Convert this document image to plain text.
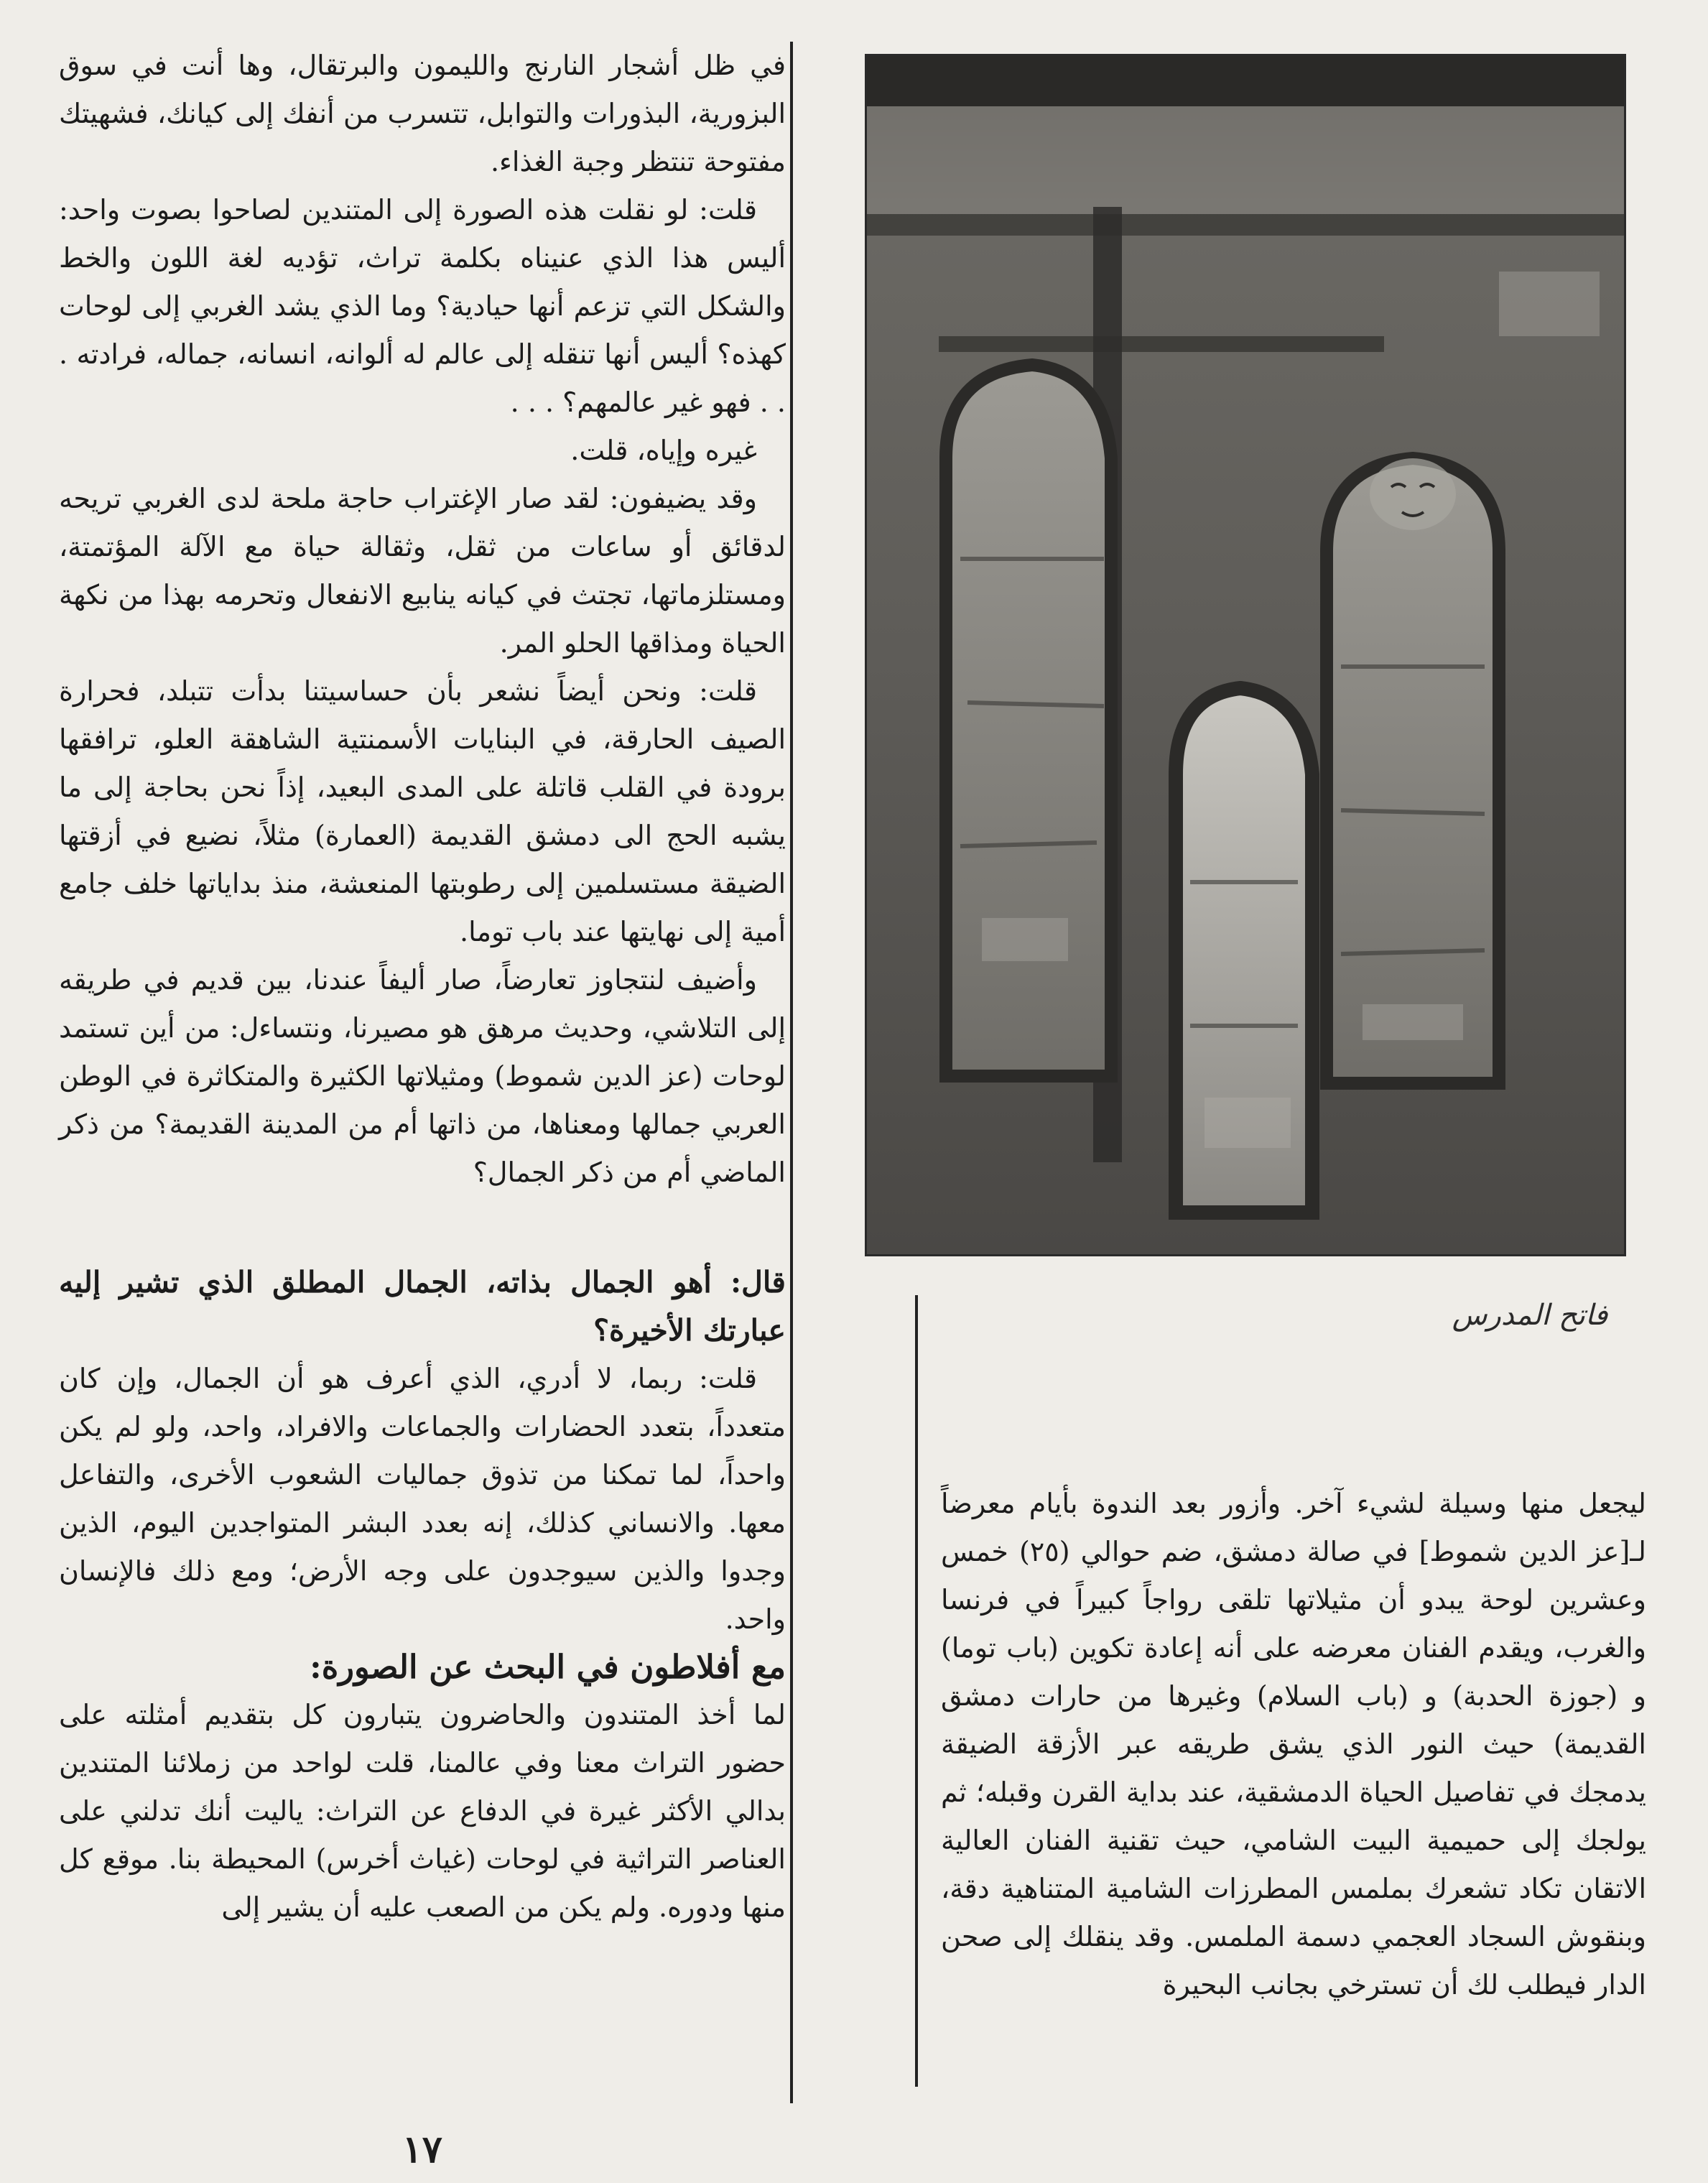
في ظل أشجار النارنج والليمون والبرتقال، وها أنت في سوق البزورية، البذورات والتوابل، تتسرب من أنفك إلى كيانك، فشهيتك مفتوحة تنتظر وجبة الغذاء.

قلت: لو نقلت هذه الصورة إلى المتندين لصاحوا بصوت واحد: أليس هذا الذي عنيناه بكلمة تراث، تؤديه لغة اللون والخط والشكل التي تزعم أنها حيادية؟ وما الذي يشد الغربي إلى لوحات كهذه؟ أليس أنها تنقله إلى عالم له ألوانه، انسانه، جماله، فرادته . . . فهو غير عالمهم؟ . . .

غيره وإياه، قلت.

وقد يضيفون: لقد صار الإغتراب حاجة ملحة لدى الغربي تريحه لدقائق أو ساعات من ثقل، وثقالة حياة مع الآلة المؤتمتة، ومستلزماتها، تجتث في كيانه ينابيع الانفعال وتحرمه بهذا من نكهة الحياة ومذاقها الحلو المر.

قلت: ونحن أيضاً نشعر بأن حساسيتنا بدأت تتبلد، فحرارة الصيف الحارقة، في البنايات الأسمنتية الشاهقة العلو، ترافقها برودة في القلب قاتلة على المدى البعيد، إذاً نحن بحاجة إلى ما يشبه الحج الى دمشق القديمة (العمارة) مثلاً، نضيع في أزقتها الضيقة مستسلمين إلى رطوبتها المنعشة، منذ بداياتها خلف جامع أمية إلى نهايتها عند باب توما.

وأضيف لنتجاوز تعارضاً، صار أليفاً عندنا، بين قديم في طريقه إلى التلاشي، وحديث مرهق هو مصيرنا، ونتساءل: من أين تستمد لوحات (عز الدين شموط) ومثيلاتها الكثيرة والمتكاثرة في الوطن العربي جمالها ومعناها، من ذاتها أم من المدينة القديمة؟ من ذكر الماضي أم من ذكر الجمال؟

قال: أهو الجمال بذاته، الجمال المطلق الذي تشير إليه عبارتك الأخيرة؟

قلت: ربما، لا أدري، الذي أعرف هو أن الجمال، وإن كان متعدداً، بتعدد الحضارات والجماعات والافراد، واحد، ولو لم يكن واحداً، لما تمكنا من تذوق جماليات الشعوب الأخرى، والتفاعل معها. والانساني كذلك، إنه بعدد البشر المتواجدين اليوم، الذين وجدوا والذين سيوجدون على وجه الأرض؛ ومع ذلك فالإنسان واحد.

مع أفلاطون في البحث عن الصورة:

لما أخذ المتندون والحاضرون يتبارون كل بتقديم أمثلته على حضور التراث معنا وفي عالمنا، قلت لواحد من زملائنا المتندين بدالي الأكثر غيرة في الدفاع عن التراث: ياليت أنك تدلني على العناصر التراثية في لوحات (غياث أخرس) المحيطة بنا. موقع كل منها ودوره. ولم يكن من الصعب عليه أن يشير إلى

فاتح المدرس

ليجعل منها وسيلة لشيء آخر. وأزور بعد الندوة بأيام معرضاً لـ[عز الدين شموط] في صالة دمشق، ضم حوالي (٢٥) خمس وعشرين لوحة يبدو أن مثيلاتها تلقى رواجاً كبيراً في فرنسا والغرب، ويقدم الفنان معرضه على أنه إعادة تكوين (باب توما) و (جوزة الحدبة) و (باب السلام) وغيرها من حارات دمشق القديمة) حيث النور الذي يشق طريقه عبر الأزقة الضيقة يدمجك في تفاصيل الحياة الدمشقية، عند بداية القرن وقبله؛ ثم يولجك إلى حميمية البيت الشامي، حيث تقنية الفنان العالية الاتقان تكاد تشعرك بملمس المطرزات الشامية المتناهية دقة، وبنقوش السجاد العجمي دسمة الملمس. وقد ينقلك إلى صحن الدار فيطلب لك أن تسترخي بجانب البحيرة

١٧
